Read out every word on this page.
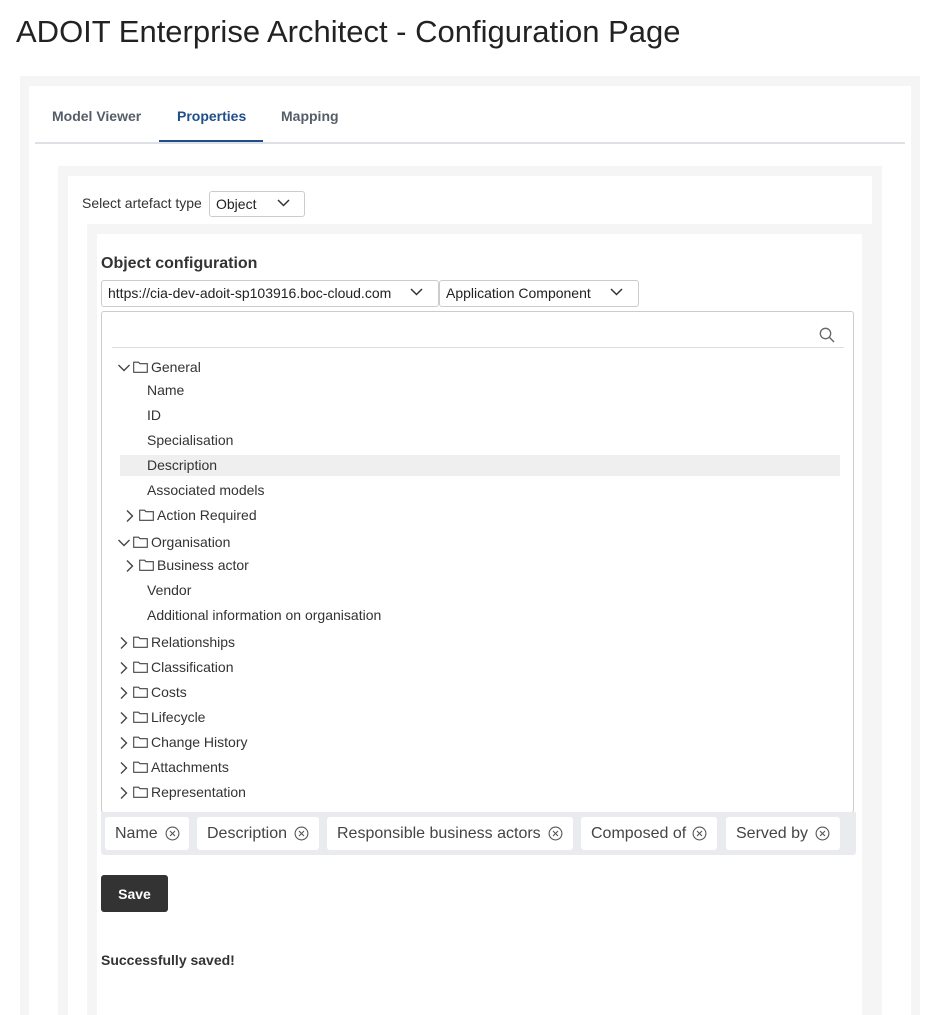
ADOIT Enterprise Architect - Configuration Page
Model Viewer	Properties Mapping
Select artefact type Object
Object configuration
https://cia-dev-adoit-sp103916.boc-cloud.com	Application Component
General
Name
ID
Specialisation
Description
Associated models
Action Required
Organisation
Business actor
Vendor
Additional information on organisation
Relationships
Classification
Costs
Lifecycle
Change History
Attachments
Representation
Name	Description	Responsible business actors	Composed of	Served by
Save
Successfully saved!
